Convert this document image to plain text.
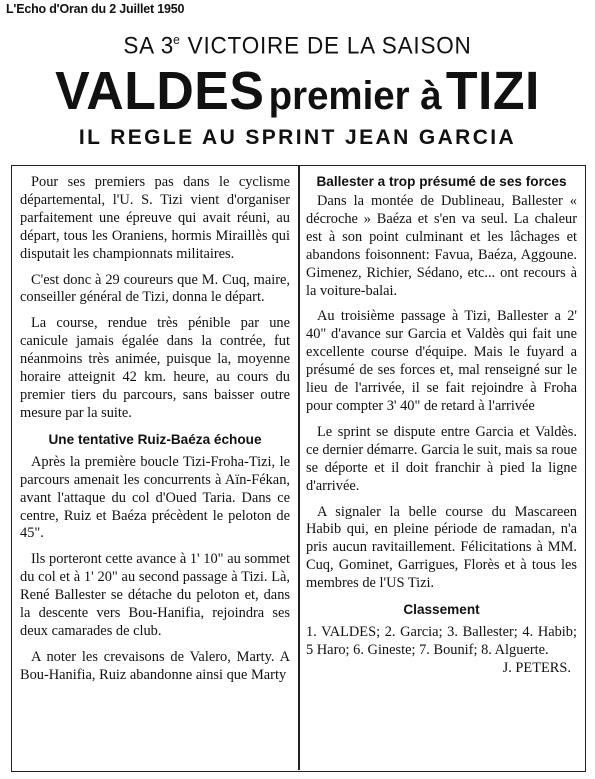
L'Echo d'Oran du 2 Juillet 1950
SA 3e VICTOIRE DE LA SAISON
VALDES premier à TIZI
IL REGLE AU SPRINT JEAN GARCIA

Pour ses premiers pas dans le cyclisme départemental, l'U. S. Tizi vient d'organiser parfaitement une épreuve qui avait réuni, au départ, tous les Oraniens, hormis Miraillès qui disputait les championnats militaires.

C'est donc à 29 coureurs que M. Cuq, maire, conseiller général de Tizi, donna le départ.

La course, rendue très pénible par une canicule jamais égalée dans la contrée, fut néanmoins très animée, puisque la, moyenne horaire atteignit 42 km. heure, au cours du premier tiers du parcours, sans baisser outre mesure par la suite.

Une tentative Ruiz-Baéza échoue

Après la première boucle Tizi-Froha-Tizi, le parcours amenait les concurrents à Aïn-Fékan, avant l'attaque du col d'Oued Taria. Dans ce centre, Ruiz et Baéza précèdent le peloton de 45".

Ils porteront cette avance à 1' 10" au sommet du col et à 1' 20" au second passage à Tizi. Là, René Ballester se détache du peloton et, dans la descente vers Bou-Hanifia, rejoindra ses deux camarades de club.

A noter les crevaisons de Valero, Marty. A Bou-Hanifia, Ruiz abandonne ainsi que Marty

Ballester a trop présumé de ses forces

Dans la montée de Dublineau, Ballester « décroche » Baéza et s'en va seul. La chaleur est à son point culminant et les lâchages et abandons foisonnent: Favua, Baéza, Aggoune. Gimenez, Richier, Sédano, etc... ont recours à la voiture-balai.

Au troisième passage à Tizi, Ballester a 2' 40" d'avance sur Garcia et Valdès qui fait une excellente course d'équipe. Mais le fuyard a présumé de ses forces et, mal renseigné sur le lieu de l'arrivée, il se fait rejoindre à Froha pour compter 3' 40" de retard à l'arrivée

Le sprint se dispute entre Garcia et Valdès. ce dernier démarre. Garcia le suit, mais sa roue se déporte et il doit franchir à pied la ligne d'arrivée.

A signaler la belle course du Mascareen Habib qui, en pleine période de ramadan, n'a pris aucun ravitaillement. Félicitations à MM. Cuq, Gominet, Garrigues, Florès et à tous les membres de l'US Tizi.

Classement

1. VALDES; 2. Garcia; 3. Ballester; 4. Habib; 5 Haro; 6. Gineste; 7. Bounif; 8. Alguerte.
J. PETERS.
